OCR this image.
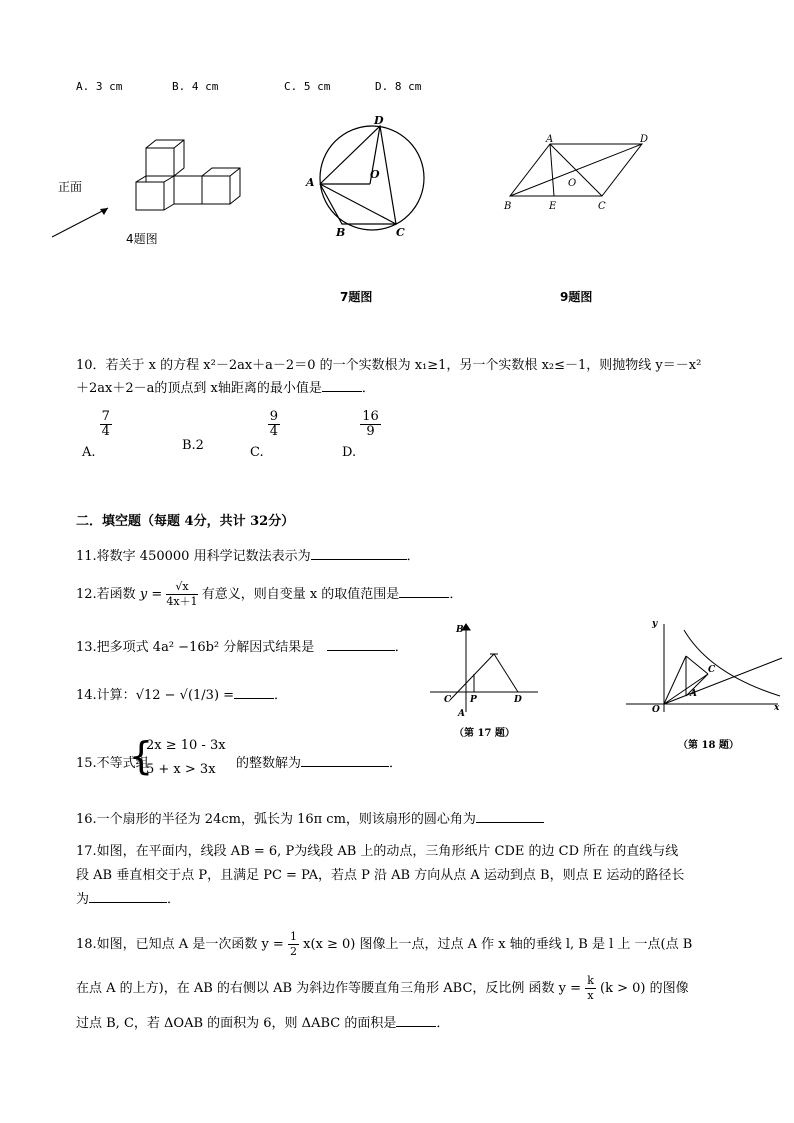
A. 3 cm	B. 4 cm	C. 5 cm	D. 8 cm
正面
4题图
D
A
O
B	C
7题图
A	D
O
B	E	C
9题图
10．若关于 x 的方程 x²－2ax＋a－2＝0 的一个实数根为 x₁≥1，另一个实数根 x₂≤－1，则抛物线 y＝－x²
＋2ax＋2－a的顶点到 x轴距离的最小值是	．
A.
$\frac{7}{4}$
B.2	C.
$\frac{9}{4}$
D.
$\frac{16}{9}$
二．填空题（每题 4分，共计 32分）
11.将数字 450000 用科学记数法表示为	．
12.若函数 $y = \frac{√x}{4x+1}$ 有意义，则自变量 x 的取值范围是	．
13.把多项式 4a² −16b² 分解因式结果是	．
14.计算：√12 − √(1/3) =	．
15.不等式组
{
2x ≥ 10 - 3x
5 + x > 3x 的整数解为	．
B
C P	D
A
（第 17 题）
y
O	x
A
C
（第 18 题）
16.一个扇形的半径为 24cm，弧长为 16π cm，则该扇形的圆心角为
17.如图，在平面内，线段 AB = 6, P为线段 AB 上的动点，三角形纸片 CDE 的边 CD 所在 的直线与线
段 AB 垂直相交于点 P，且满足 PC = PA，若点 P 沿 AB 方向从点 A 运动到点 B，则点 E 运动的路径长
为	．
18.如图，已知点 A 是一次函数 $y = \frac{1}{2} x(x \ge 0)$ 图像上一点，过点 A 作 x 轴的垂线 l, B 是 l 上 一点(点 B
在点 A 的上方)，在 AB 的右侧以 AB 为斜边作等腰直角三角形 ABC，反比例 函数 $y = \frac{k}{x} (k > 0)$ 的图像
过点 B, C，若 ΔOAB 的面积为 6，则 ΔABC 的面积是	．
